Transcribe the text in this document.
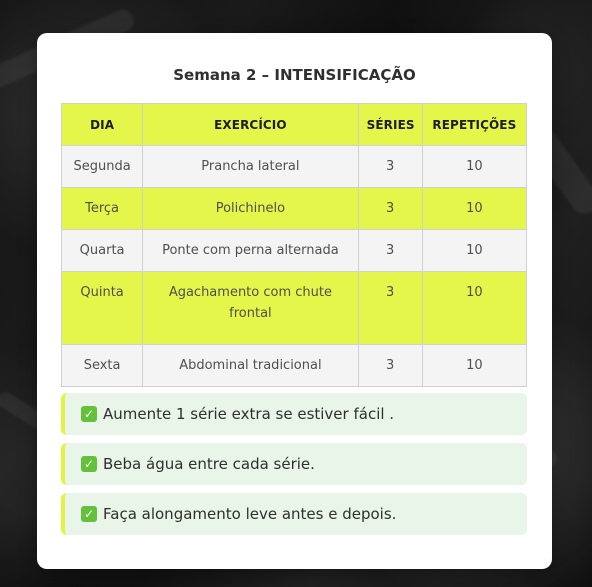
Semana 2 – INTENSIFICAÇÃO
DIA	EXERCÍCIO	SÉRIES	REPETIÇÕES
Segunda	Prancha lateral	3	10
Terça	Polichinelo	3	10
Quarta	Ponte com perna alternada	3	10
Quinta	Agachamento com chute frontal	3	10
Sexta	Abdominal tradicional	3	10
✓ Aumente 1 série extra se estiver fácil .
✓ Beba água entre cada série.
✓ Faça alongamento leve antes e depois.
